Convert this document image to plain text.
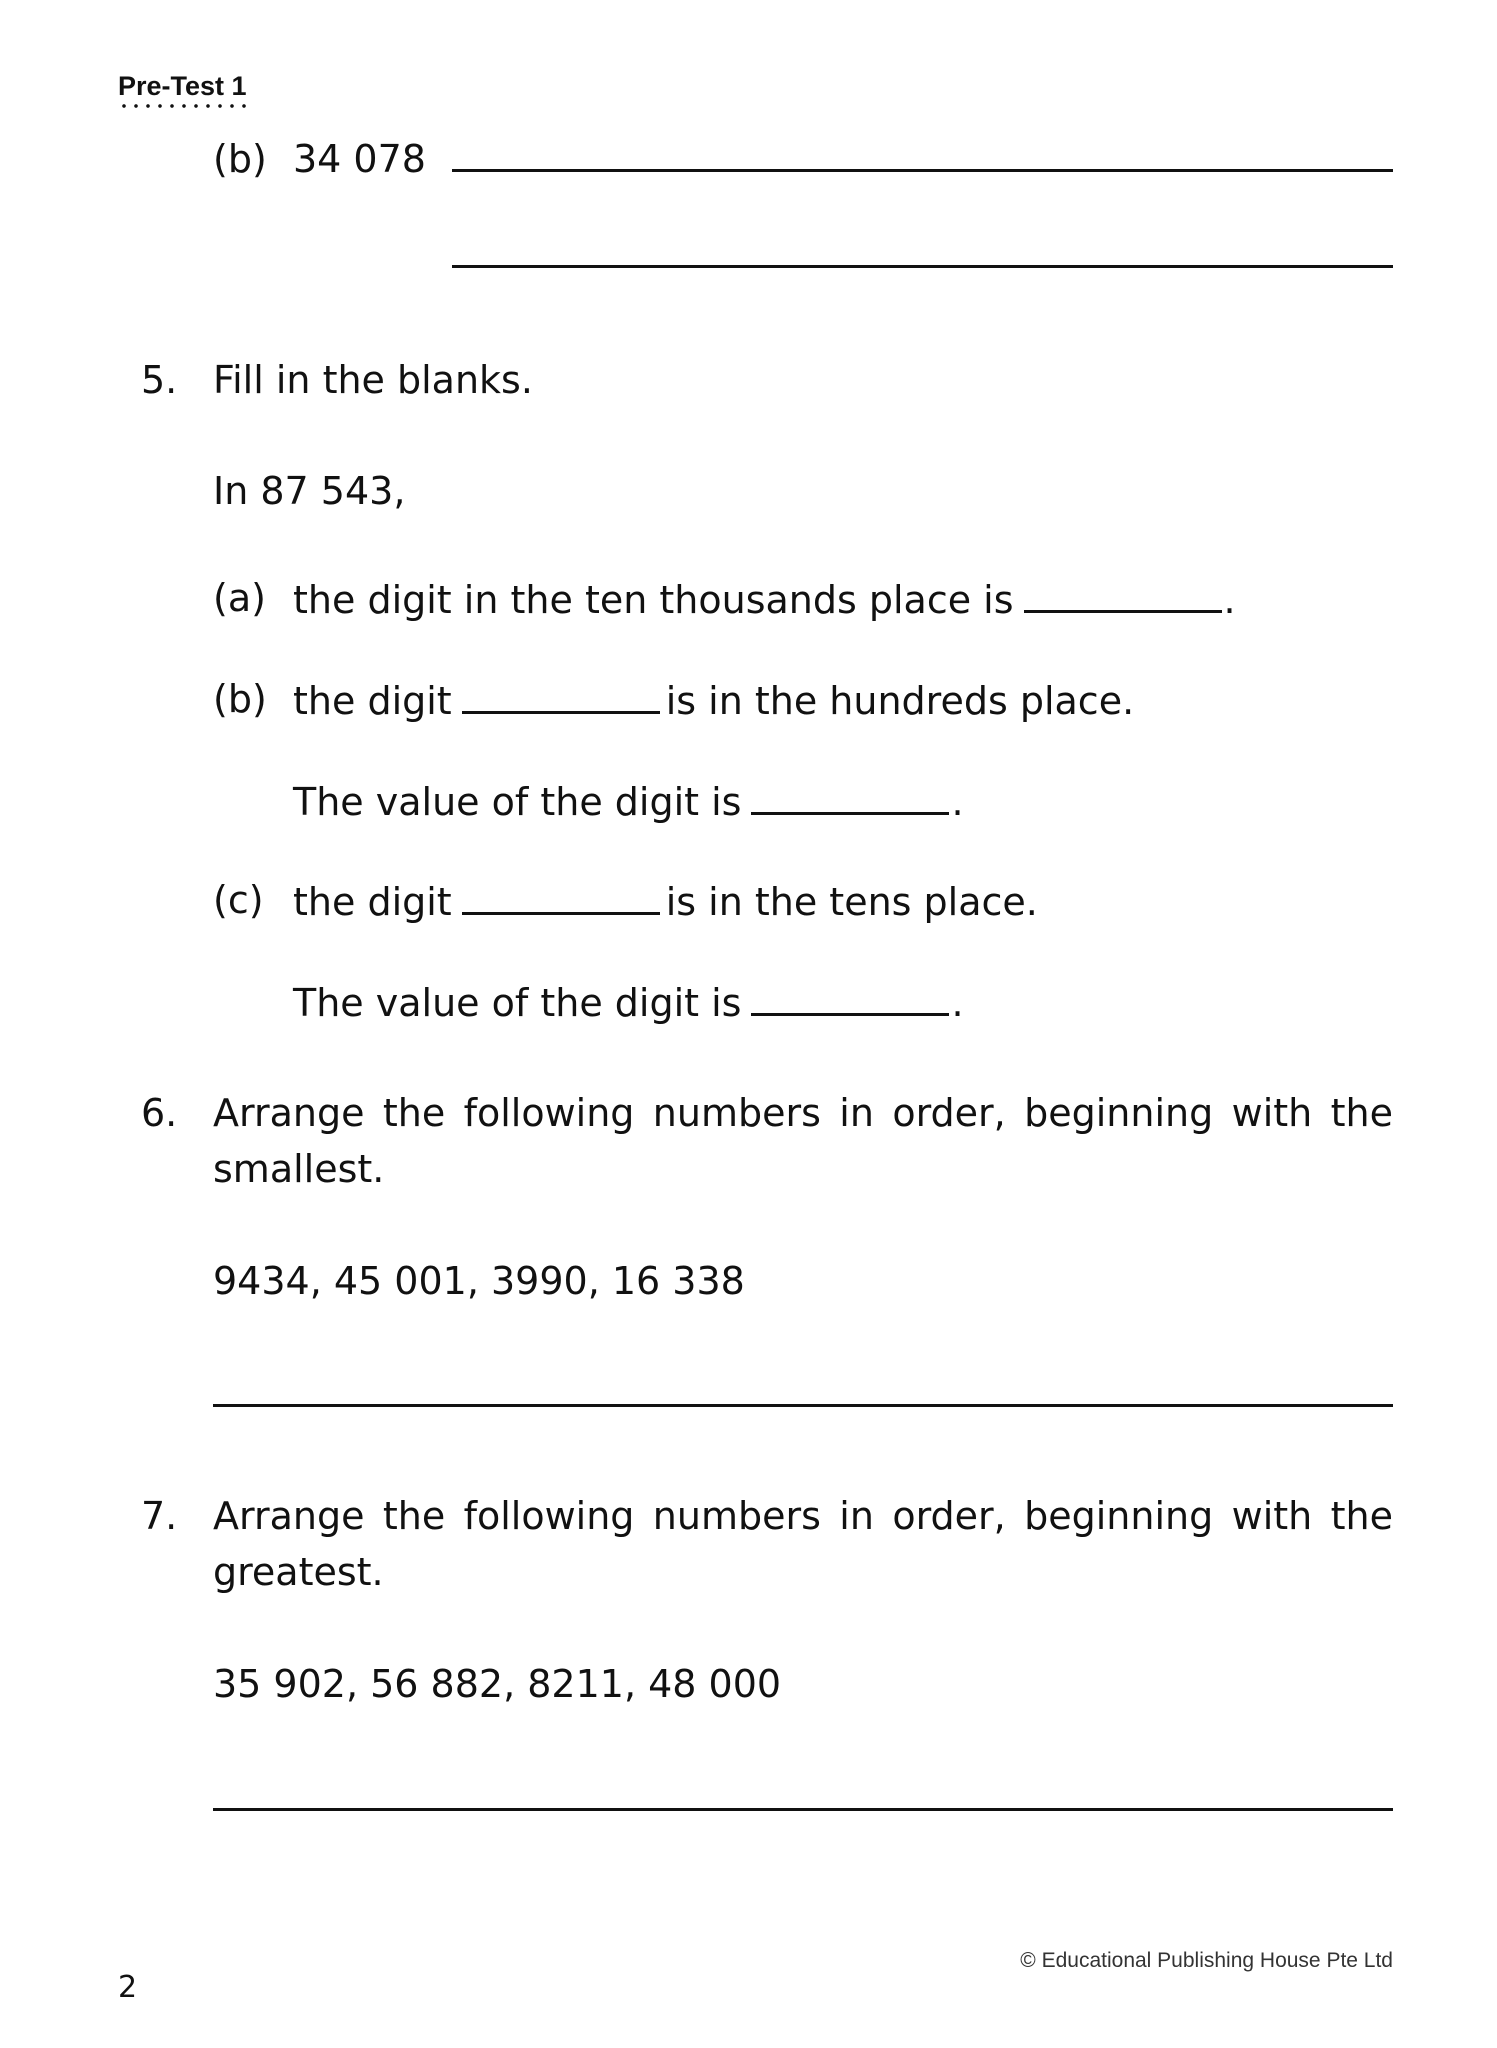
Pre-Test 1
(b) 34 078
5. Fill in the blanks.
In 87 543,
(a) the digit in the ten thousands place is	.
(b) the digit	is in the hundreds place.
The value of the digit is	.
(c) the digit	is in the tens place.
The value of the digit is	.
6. Arrange the following numbers in order, beginning with the smallest.
9434, 45 001, 3990, 16 338
7. Arrange the following numbers in order, beginning with the greatest.
35 902, 56 882, 8211, 48 000
© Educational Publishing House Pte Ltd
2
